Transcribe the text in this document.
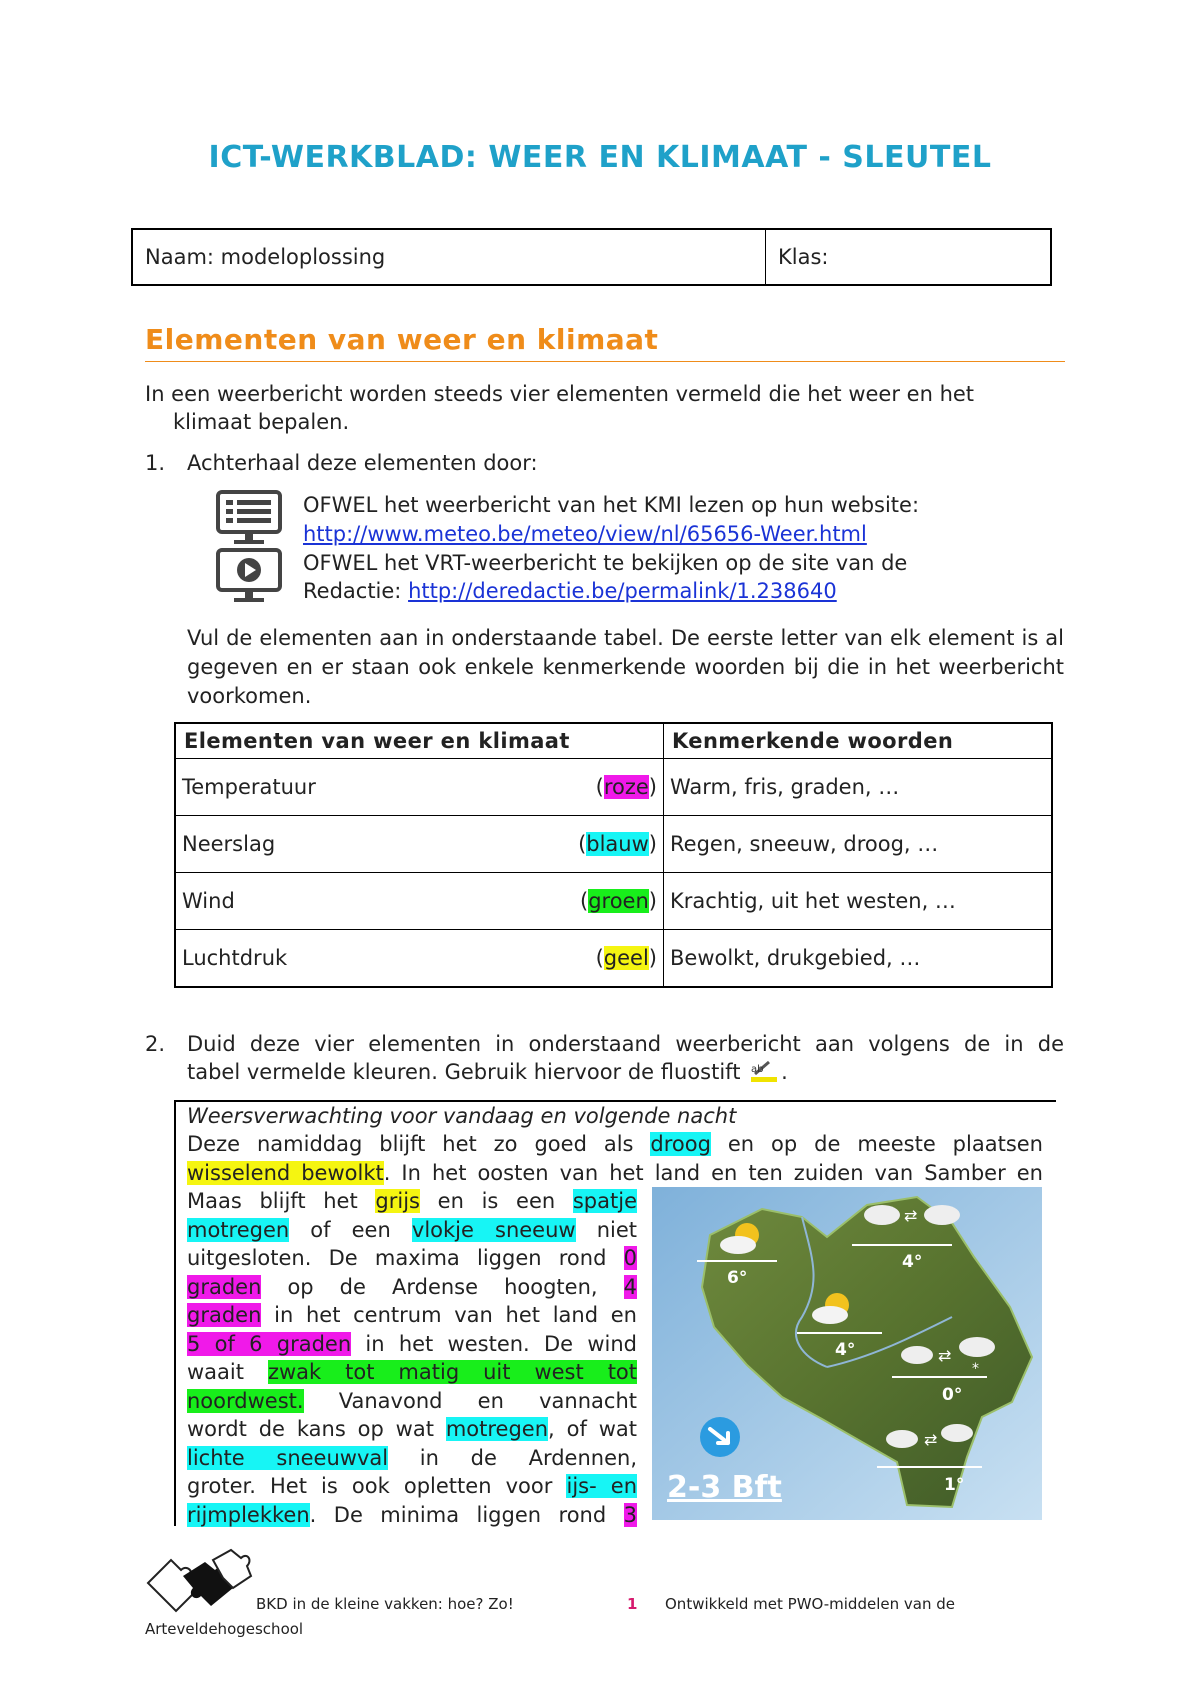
ICT-WERKBLAD: WEER EN KLIMAAT - SLEUTEL
Naam: modeloplossing	Klas:
Elementen van weer en klimaat
In een weerbericht worden steeds vier elementen vermeld die het weer en het
klimaat bepalen.
1. Achterhaal deze elementen door:
OFWEL het weerbericht van het KMI lezen op hun website:
http://www.meteo.be/meteo/view/nl/65656-Weer.html
OFWEL het VRT-weerbericht te bekijken op de site van de
Redactie: http://deredactie.be/permalink/1.238640
Vul de elementen aan in onderstaande tabel. De eerste letter van elk element is al gegeven en er staan ook enkele kenmerkende woorden bij die in het weerbericht voorkomen.
Elementen van weer en klimaat	Kenmerkende woorden
Temperatuur (roze)	Warm, fris, graden, …
Neerslag (blauw)	Regen, sneeuw, droog, …
Wind (groen)	Krachtig, uit het westen, …
Luchtdruk (geel)	Bewolkt, drukgebied, …
2. Duid deze vier elementen in onderstaand weerbericht aan volgens de in de
tabel vermelde kleuren. Gebruik hiervoor de fluostift ab .
Weersverwachting voor vandaag en volgende nacht
Deze namiddag blijft het zo goed als droog en op de meeste plaatsen
wisselend bewolkt. In het oosten van het land en ten zuiden van Samber en
Maas blijft het grijs en is een spatje
motregen of een vlokje sneeuw niet
uitgesloten. De maxima liggen rond 0
graden op de Ardense hoogten, 4
graden in het centrum van het land en
5 of 6 graden in het westen. De wind
waait zwak tot matig uit west tot
noordwest. Vanavond en vannacht
wordt de kans op wat motregen, of wat
lichte sneeuwval in de Ardennen,
groter. Het is ook opletten voor ijs- en
rijmplekken. De minima liggen rond 3
⇄
⇄
*
⇄
6°
4°
4°
0°
1°
2-3 Bft
BKD in de kleine vakken: hoe? Zo!	1 Ontwikkeld met PWO-middelen van de
Arteveldehogeschool
